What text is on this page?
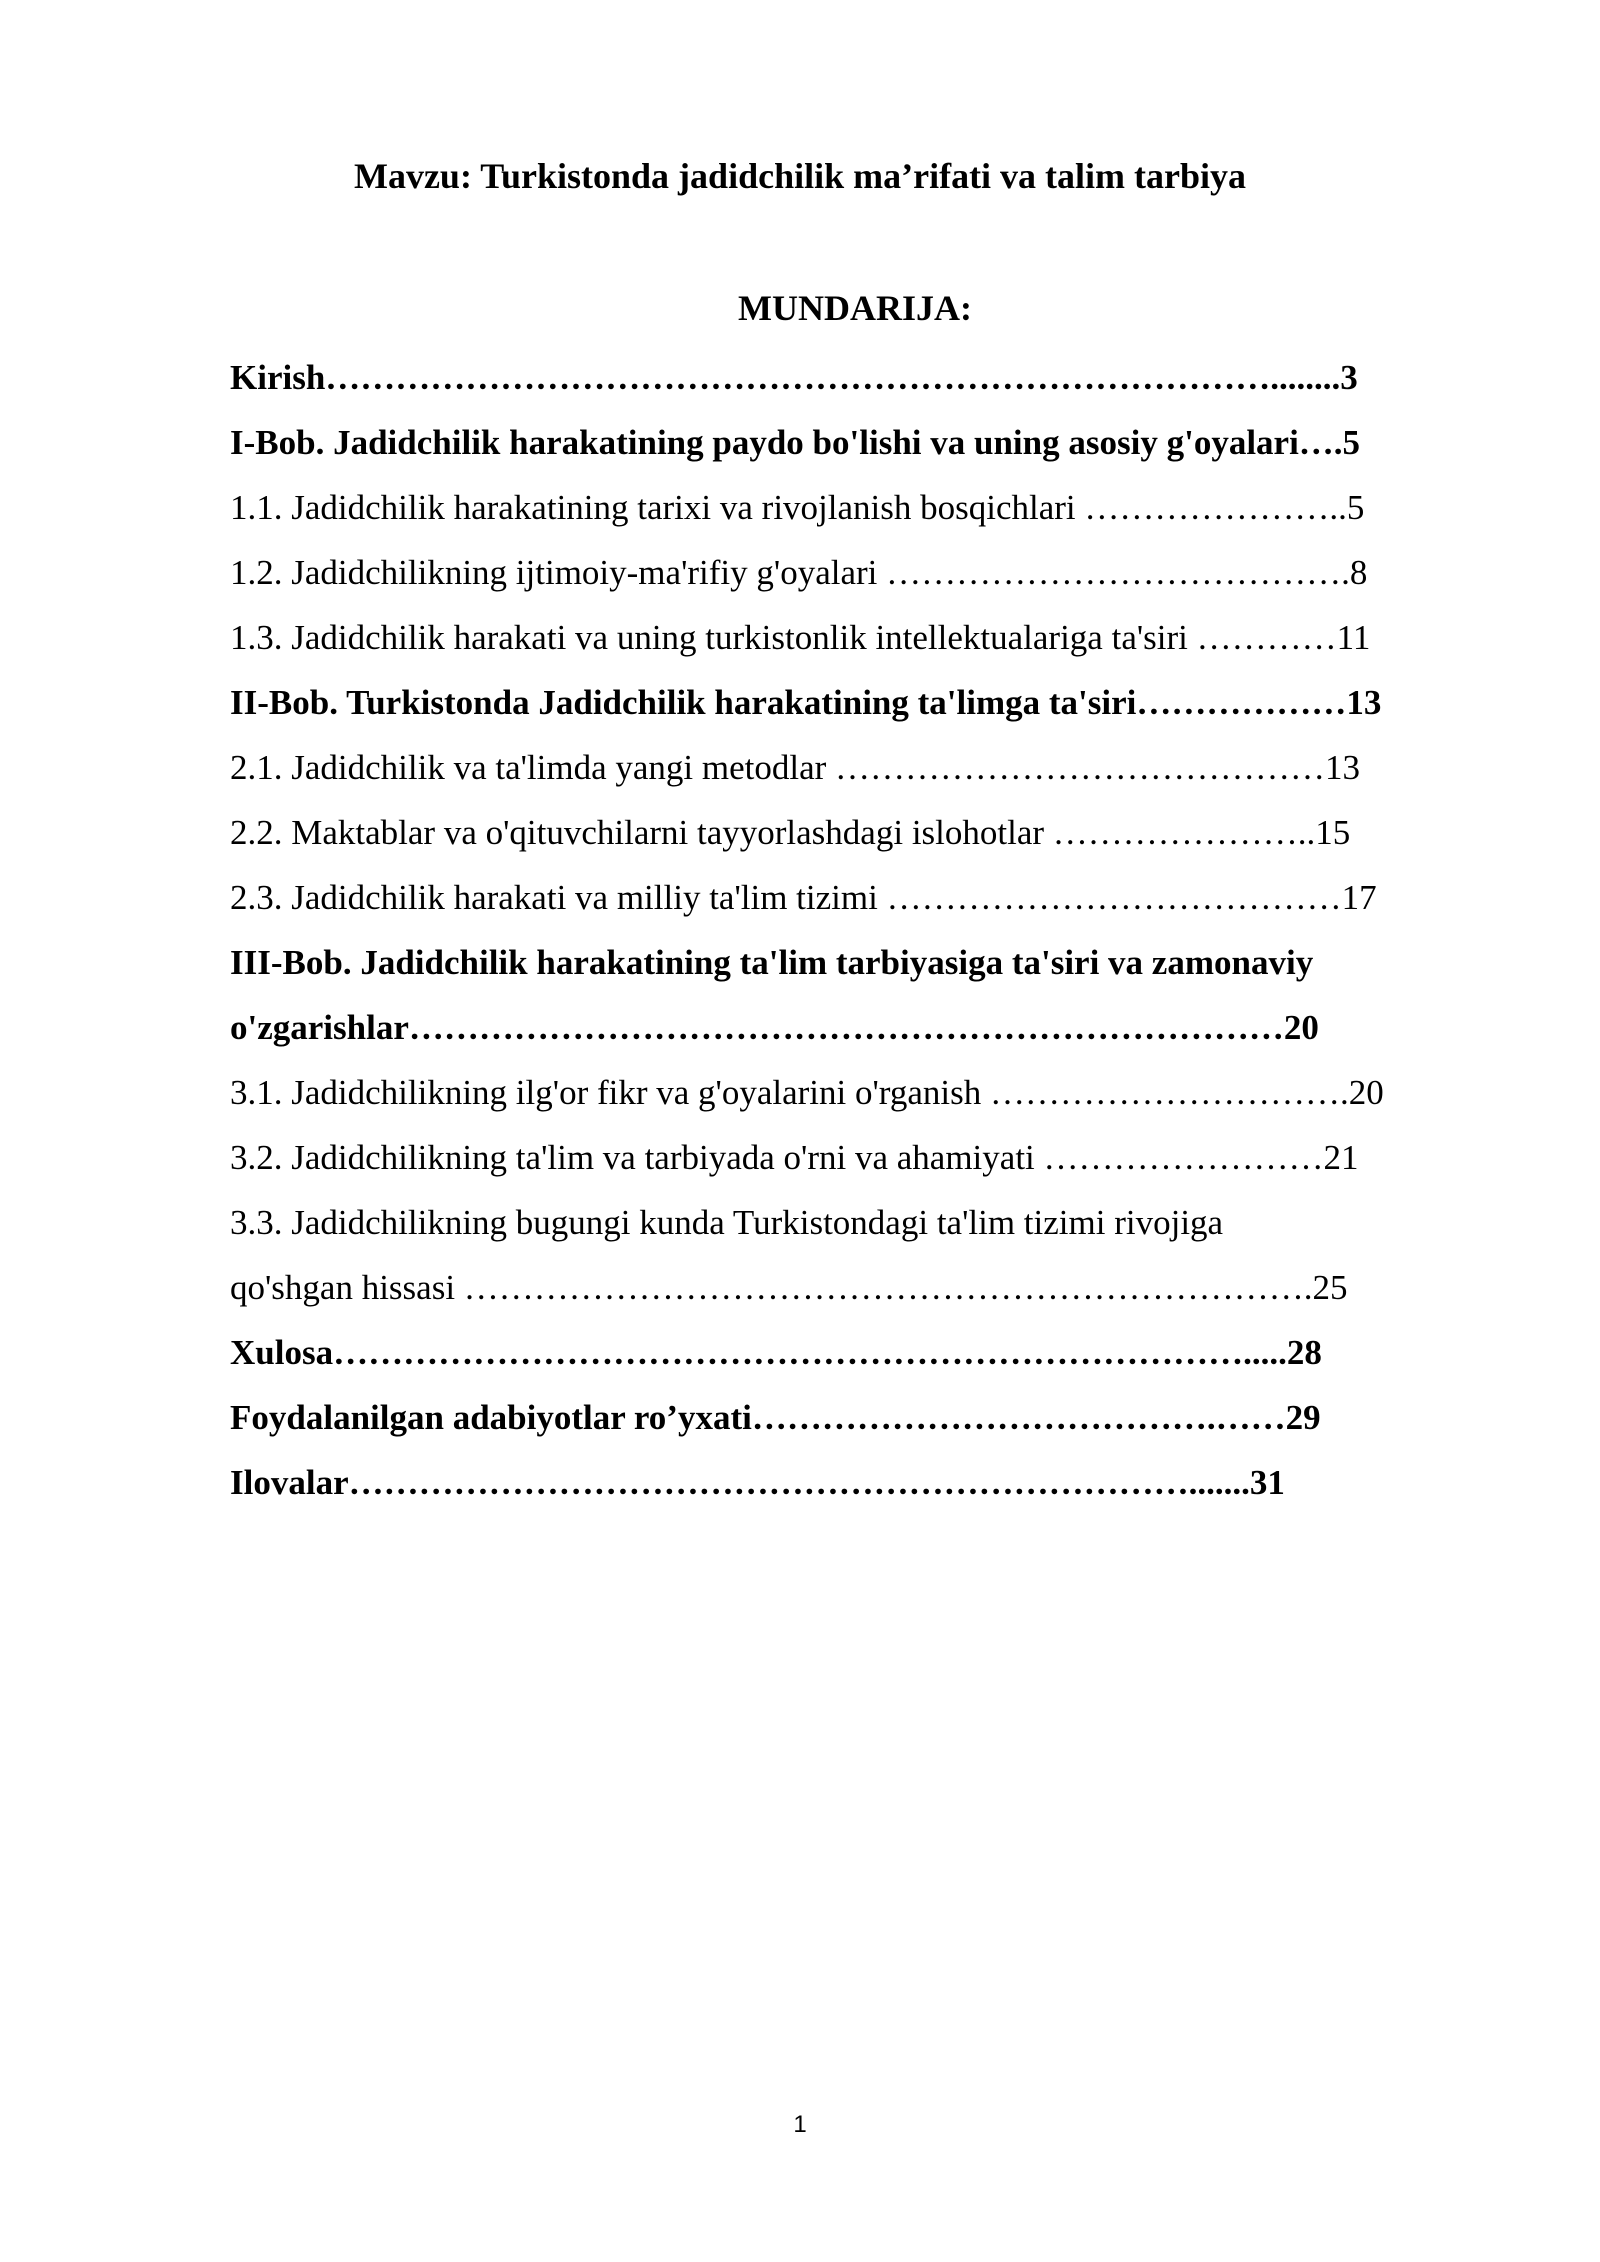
Mavzu: Turkistonda jadidchilik ma’rifati va talim tarbiya
MUNDARIJA:
Kirish………………………………………………………………………........3
I-Bob. Jadidchilik harakatining paydo bo'lishi va uning asosiy g'oyalari….5
1.1. Jadidchilik harakatining tarixi va rivojlanish bosqichlari …………………..5
1.2. Jadidchilikning ijtimoiy-ma'rifiy g'oyalari ………………………………….8
1.3. Jadidchilik harakati va uning turkistonlik intellektualariga ta'siri …………11
II-Bob. Turkistonda Jadidchilik harakatining ta'limga ta'siri………………13
2.1. Jadidchilik va ta'limda yangi metodlar ……………………………………13
2.2. Maktablar va o'qituvchilarni tayyorlashdagi islohotlar …………………..15
2.3. Jadidchilik harakati va milliy ta'lim tizimi …………………………………17
III-Bob. Jadidchilik harakatining ta'lim tarbiyasiga ta'siri va zamonaviy
o'zgarishlar…………………………………………………………………20
3.1. Jadidchilikning ilg'or fikr va g'oyalarini o'rganish ………………………….20
3.2. Jadidchilikning ta'lim va tarbiyada o'rni va ahamiyati ……………………21
3.3. Jadidchilikning bugungi kunda Turkistondagi ta'lim tizimi rivojiga
qo'shgan hissasi ……………………………………………………………….25
Xulosa…………………………………………………………………….....28
Foydalanilgan adabiyotlar ro’yxati………………………………….……29
Ilovalar……………………………………………………………….......31
1
